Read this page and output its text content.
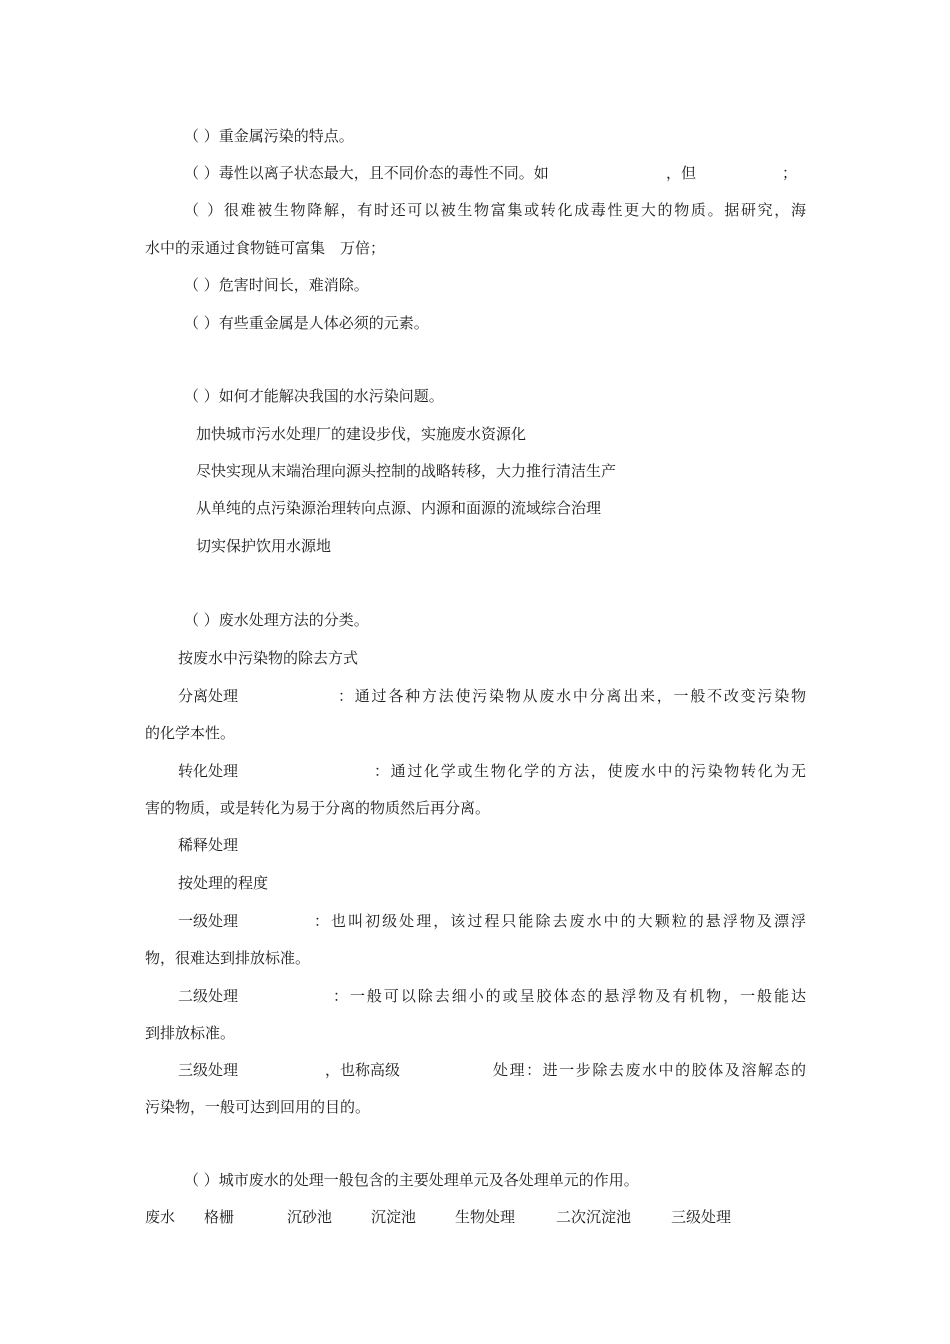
（ ）重金属污染的特点。
（ ）毒性以离子状态最大，且不同价态的毒性不同。如	，但	；
（ ）很难被生物降解，有时还可以被生物富集或转化成毒性更大的物质。据研究，海
水中的汞通过食物链可富集　万倍；
（ ）危害时间长，难消除。
（ ）有些重金属是人体必须的元素。
（ ）如何才能解决我国的水污染问题。
加快城市污水处理厂的建设步伐，实施废水资源化
尽快实现从末端治理向源头控制的战略转移，大力推行清洁生产
从单纯的点污染源治理转向点源、内源和面源的流域综合治理
切实保护饮用水源地
（ ）废水处理方法的分类。
按废水中污染物的除去方式
分离处理	：通过各种方法使污染物从废水中分离出来，一般不改变污染物
的化学本性。
转化处理	：通过化学或生物化学的方法，使废水中的污染物转化为无
害的物质，或是转化为易于分离的物质然后再分离。
稀释处理
按处理的程度
一级处理	：也叫初级处理，该过程只能除去废水中的大颗粒的悬浮物及漂浮
物，很难达到排放标准。
二级处理	：一般可以除去细小的或呈胶体态的悬浮物及有机物，一般能达
到排放标准。
三级处理	，也称高级	处理：进一步除去废水中的胶体及溶解态的
污染物，一般可达到回用的目的。
（ ）城市废水的处理一般包含的主要处理单元及各处理单元的作用。
废水	格栅	沉砂池	沉淀池	生物处理	二次沉淀池	三级处理
